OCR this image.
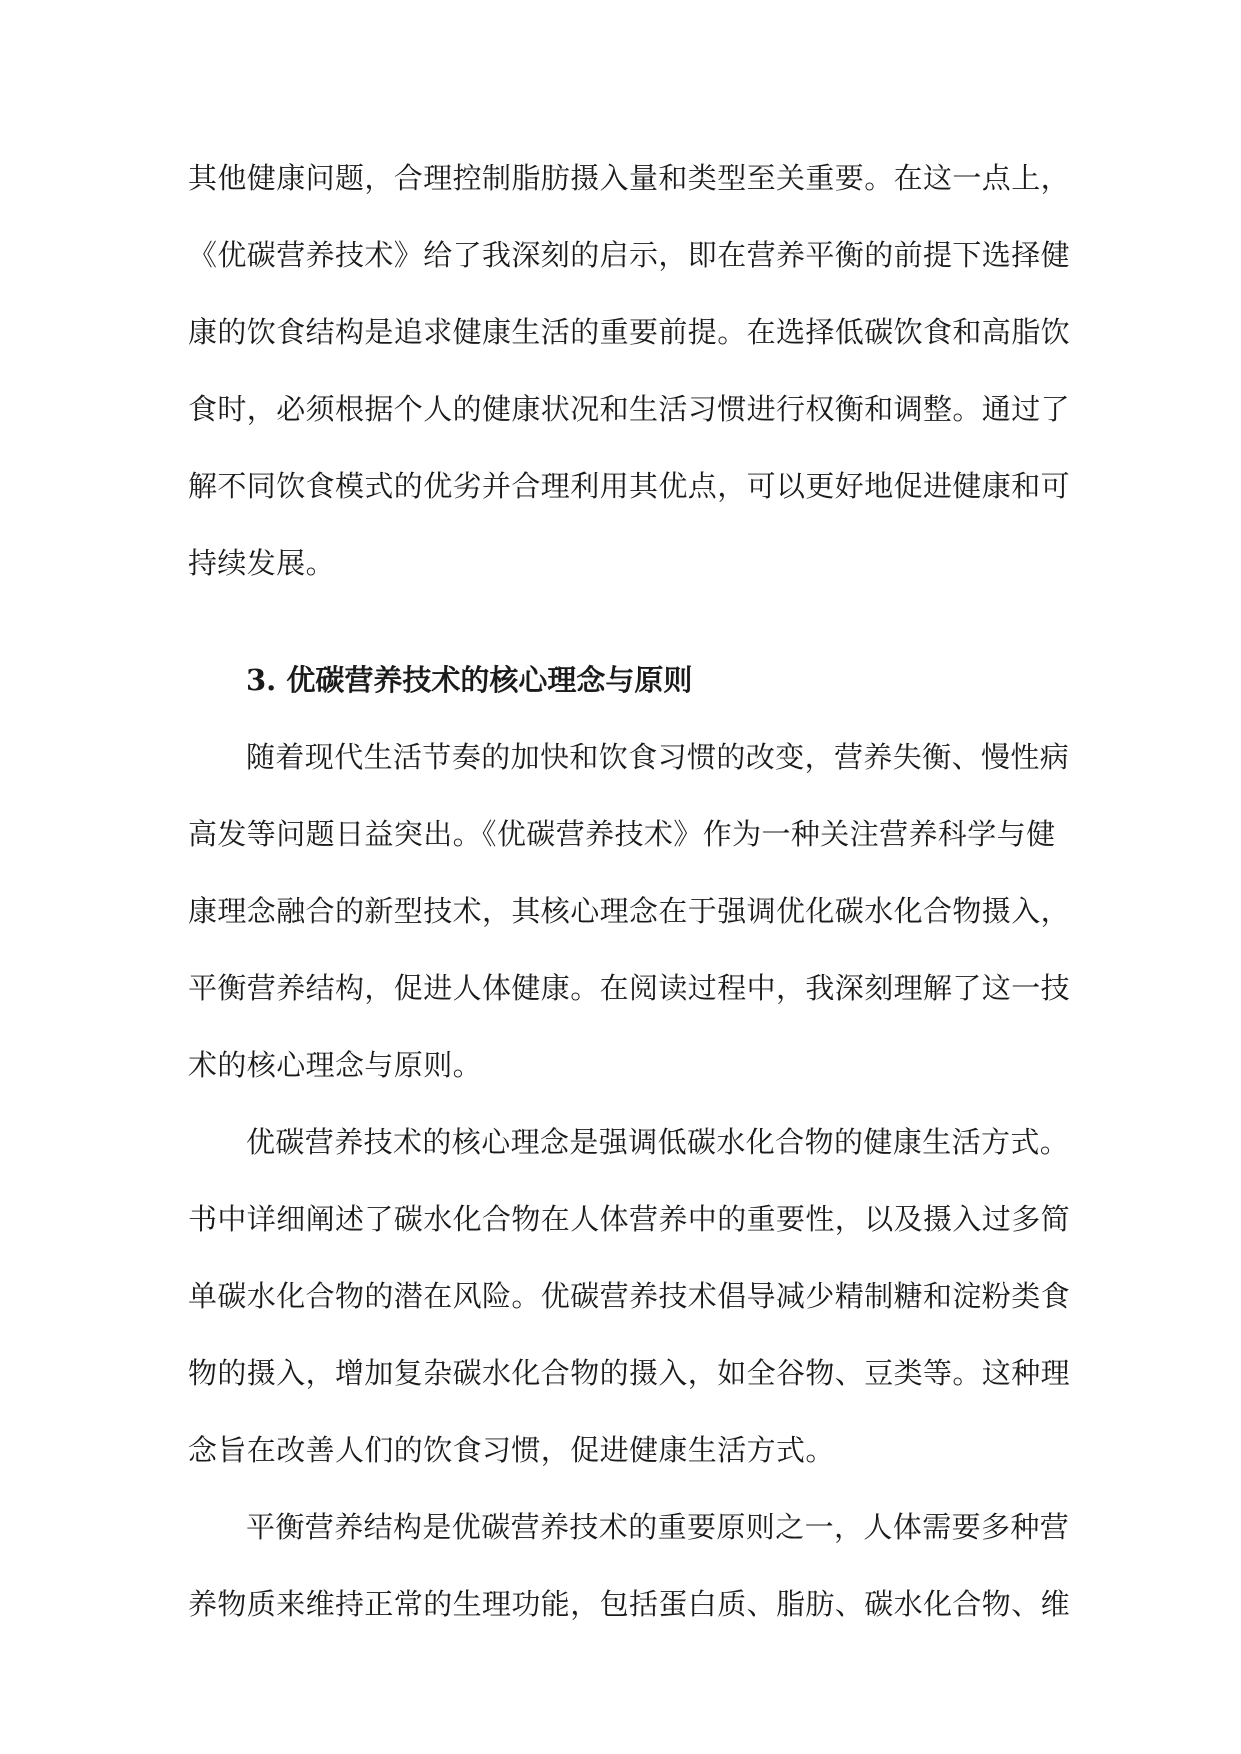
其他健康问题，合理控制脂肪摄入量和类型至关重要。在这一点上，
《优碳营养技术》给了我深刻的启示，即在营养平衡的前提下选择健
康的饮食结构是追求健康生活的重要前提。在选择低碳饮食和高脂饮
食时，必须根据个人的健康状况和生活习惯进行权衡和调整。通过了
解不同饮食模式的优劣并合理利用其优点，可以更好地促进健康和可
持续发展。
3. 优碳营养技术的核心理念与原则
随着现代生活节奏的加快和饮食习惯的改变，营养失衡、慢性病
高发等问题日益突出。《优碳营养技术》作为一种关注营养科学与健
康理念融合的新型技术，其核心理念在于强调优化碳水化合物摄入，
平衡营养结构，促进人体健康。在阅读过程中，我深刻理解了这一技
术的核心理念与原则。
优碳营养技术的核心理念是强调低碳水化合物的健康生活方式。
书中详细阐述了碳水化合物在人体营养中的重要性，以及摄入过多简
单碳水化合物的潜在风险。优碳营养技术倡导减少精制糖和淀粉类食
物的摄入，增加复杂碳水化合物的摄入，如全谷物、豆类等。这种理
念旨在改善人们的饮食习惯，促进健康生活方式。
平衡营养结构是优碳营养技术的重要原则之一，人体需要多种营
养物质来维持正常的生理功能，包括蛋白质、脂肪、碳水化合物、维
